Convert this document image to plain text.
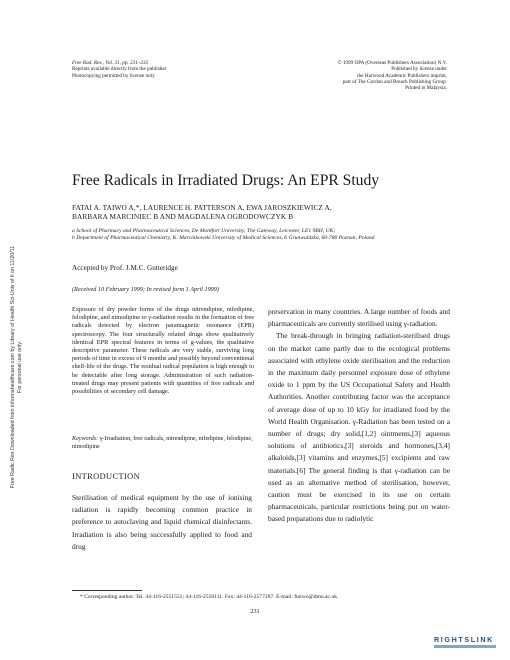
Free Radic Res Downloaded from informahealthcare.com by Library of Health Sci-Univ of Il on 11/20/11 For personal use only.
Free Rad. Res., Vol. 31, pp. 231–235
Reprints available directly from the publisher
Photocopying permitted by license only
© 1999 OPA (Overseas Publishers Association) N.V.
Published by license under
the Harwood Academic Publishers imprint,
part of The Gordon and Breach Publishing Group.
Printed in Malaysia.
Free Radicals in Irradiated Drugs: An EPR Study
FATAI A. TAIWO A,*, LAURENCE H. PATTERSON A, EWA JAROSZKIEWICZ A,
BARBARA MARCINIEC B AND MAGDALENA OGRODOWCZYK B
a School of Pharmacy and Pharmaceutical Sciences, De Montfort University, The Gateway, Leicester, LE1 9BH, UK;
b Department of Pharmaceutical Chemistry, K. Marcinkowski University of Medical Sciences, 6 Grunwaldzka, 60-780 Poznan, Poland
Accepted by Prof. J.M.C. Gutteridge
(Received 10 February 1999; In revised form 1 April 1999)
Exposure of dry powder forms of the drugs nitrendipine, nifedipine, felodipine, and nimodipine to γ-radiation results in the formation of free radicals detected by electron paramagnetic resonance (EPR) spectroscopy. The four structurally related drugs show qualitatively identical EPR spectral features in terms of g-values, the qualitative descriptive parameter. These radicals are very stable, surviving long periods of time in excess of 9 months and possibly beyond conventional shelf-life of the drugs. The residual radical population is high enough to be detectable after long storage. Administration of such radiation-treated drugs may present patients with quantities of free radicals and possibilities of secondary cell damage.
Keywords: γ-Irradiation, free radicals, nitrendipine, nifedipine, felodipine, nimodipine
INTRODUCTION
Sterilisation of medical equipment by the use of ionising radiation is rapidly becoming common practice in preference to autoclaving and liquid chemical disinfectants. Irradiation is also being successfully applied to food and drug

preservation in many countries. A large number of foods and pharmaceuticals are currently sterilised using γ-radiation.

The break-through in bringing radiation-sterilised drugs on the market came partly due to the ecological problems associated with ethylene oxide sterilisation and the reduction in the maximum daily personnel exposure dose of ethylene oxide to 1 ppm by the US Occupational Safety and Health Authorities. Another contributing factor was the acceptance of average dose of up to 10 kGy for irradiated food by the World Health Organisation. γ-Radiation has been tested on a number of drugs; dry solid,[1,2] ointments,[3] aqueous solutions of antibiotics,[3] steroids and hormones,[3,4] alkaloids,[3] vitamins and enzymes,[5] excipients and raw materials.[6] The general finding is that γ-radiation can be used as an alternative method of sterilisation, however, caution must be exercised in its use on certain pharmaceuticals, particular restrictions being put on water-based preparations due to radiolytic

* Corresponding author. Tel. 44-116-2551551; 44-116-2558111. Fax: 44-116-2577287. E-mail: ftaiwo@dmu.ac.uk.
231
RIGHTSLINK
